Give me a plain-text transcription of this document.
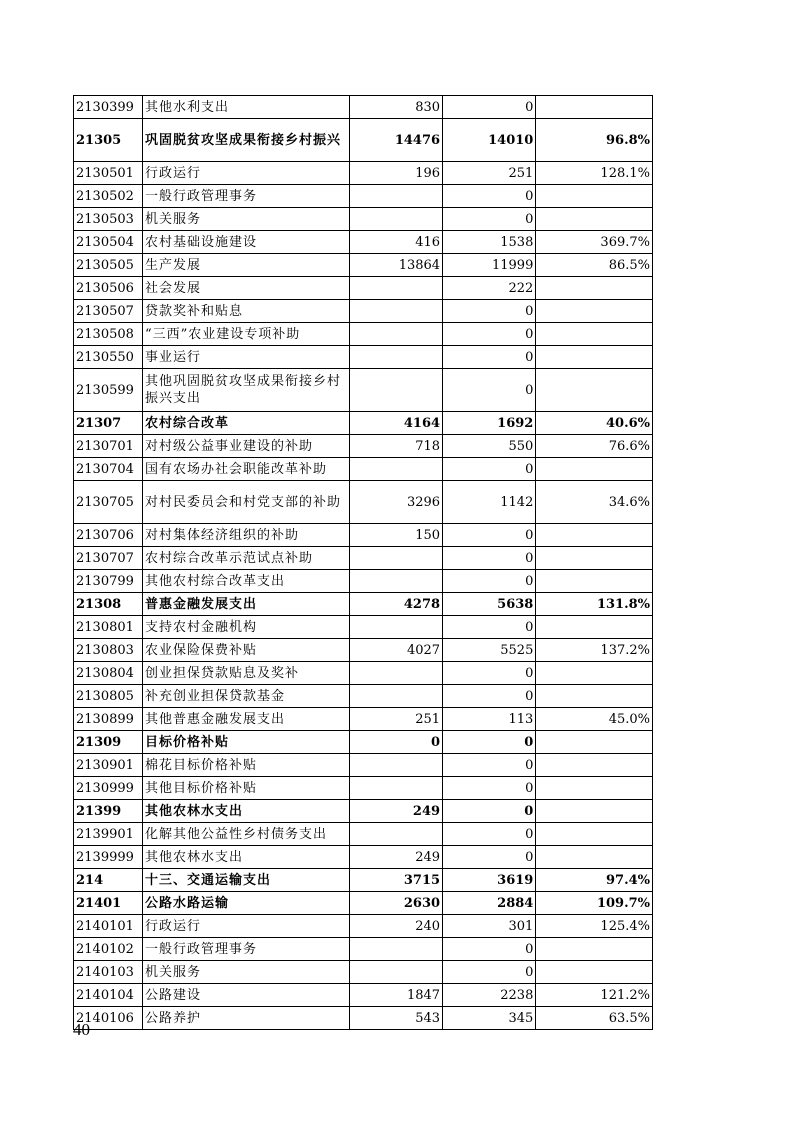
2130399	其他水利支出	830	0	
21305	巩固脱贫攻坚成果衔接乡村振兴	14476	14010	96.8%
2130501	行政运行	196	251	128.1%
2130502	一般行政管理事务		0	
2130503	机关服务		0	
2130504	农村基础设施建设	416	1538	369.7%
2130505	生产发展	13864	11999	86.5%
2130506	社会发展		222	
2130507	贷款奖补和贴息		0	
2130508	“三西”农业建设专项补助		0	
2130550	事业运行		0	
2130599	其他巩固脱贫攻坚成果衔接乡村振兴支出		0	
21307	农村综合改革	4164	1692	40.6%
2130701	对村级公益事业建设的补助	718	550	76.6%
2130704	国有农场办社会职能改革补助		0	
2130705	对村民委员会和村党支部的补助	3296	1142	34.6%
2130706	对村集体经济组织的补助	150	0	
2130707	农村综合改革示范试点补助		0	
2130799	其他农村综合改革支出		0	
21308	普惠金融发展支出	4278	5638	131.8%
2130801	支持农村金融机构		0	
2130803	农业保险保费补贴	4027	5525	137.2%
2130804	创业担保贷款贴息及奖补		0	
2130805	补充创业担保贷款基金		0	
2130899	其他普惠金融发展支出	251	113	45.0%
21309	目标价格补贴	0	0	
2130901	棉花目标价格补贴		0	
2130999	其他目标价格补贴		0	
21399	其他农林水支出	249	0	
2139901	化解其他公益性乡村债务支出		0	
2139999	其他农林水支出	249	0	
214	十三、交通运输支出	3715	3619	97.4%
21401	公路水路运输	2630	2884	109.7%
2140101	行政运行	240	301	125.4%
2140102	一般行政管理事务		0	
2140103	机关服务		0	
2140104	公路建设	1847	2238	121.2%
2140106	公路养护	543	345	63.5%
40
